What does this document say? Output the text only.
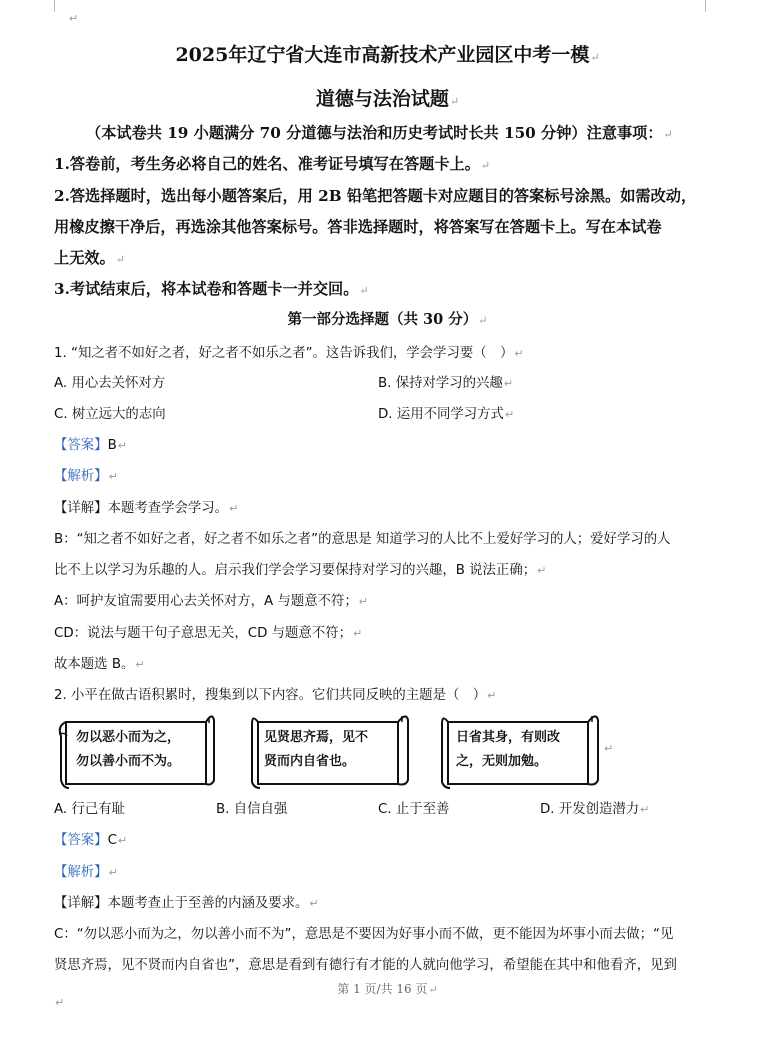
↵
2025年辽宁省大连市高新技术产业园区中考一模↵
道德与法治试题↵
（本试卷共 19 小题满分 70 分道德与法治和历史考试时长共 150 分钟）注意事项：↵
1.答卷前，考生务必将自己的姓名、准考证号填写在答题卡上。↵
2.答选择题时，选出每小题答案后，用 2B 铅笔把答题卡对应题目的答案标号涂黑。如需改动，
用橡皮擦干净后，再选涂其他答案标号。答非选择题时，将答案写在答题卡上。写在本试卷
上无效。↵
3.考试结束后，将本试卷和答题卡一并交回。↵
第一部分选择题（共 30 分）↵
1. “知之者不如好之者，好之者不如乐之者”。这告诉我们，学会学习要（　）↵
A. 用心去关怀对方	B. 保持对学习的兴趣↵
C. 树立远大的志向	D. 运用不同学习方式↵
【答案】B↵
【解析】↵
【详解】本题考查学会学习。↵
B：“知之者不如好之者，好之者不如乐之者”的意思是 知道学习的人比不上爱好学习的人；爱好学习的人
比不上以学习为乐趣的人。启示我们学会学习要保持对学习的兴趣，B 说法正确；↵
A：呵护友谊需要用心去关怀对方，A 与题意不符；↵
CD：说法与题干句子意思无关，CD 与题意不符；↵
故本题选 B。↵
2. 小平在做古语积累时，搜集到以下内容。它们共同反映的主题是（　）↵
勿以恶小而为之，
勿以善小而不为。
见贤思齐焉，见不
贤而内自省也。
日省其身，有则改
之，无则加勉。
↵
A. 行己有耻	B. 自信自强	C. 止于至善	D. 开发创造潜力↵
【答案】C↵
【解析】↵
【详解】本题考查止于至善的内涵及要求。↵
C：“勿以恶小而为之，勿以善小而不为”，意思是不要因为好事小而不做，更不能因为坏事小而去做；“见
贤思齐焉，见不贤而内自省也”，意思是看到有德行有才能的人就向他学习，希望能在其中和他看齐，见到
第 1 页/共 16 页↵
↵
